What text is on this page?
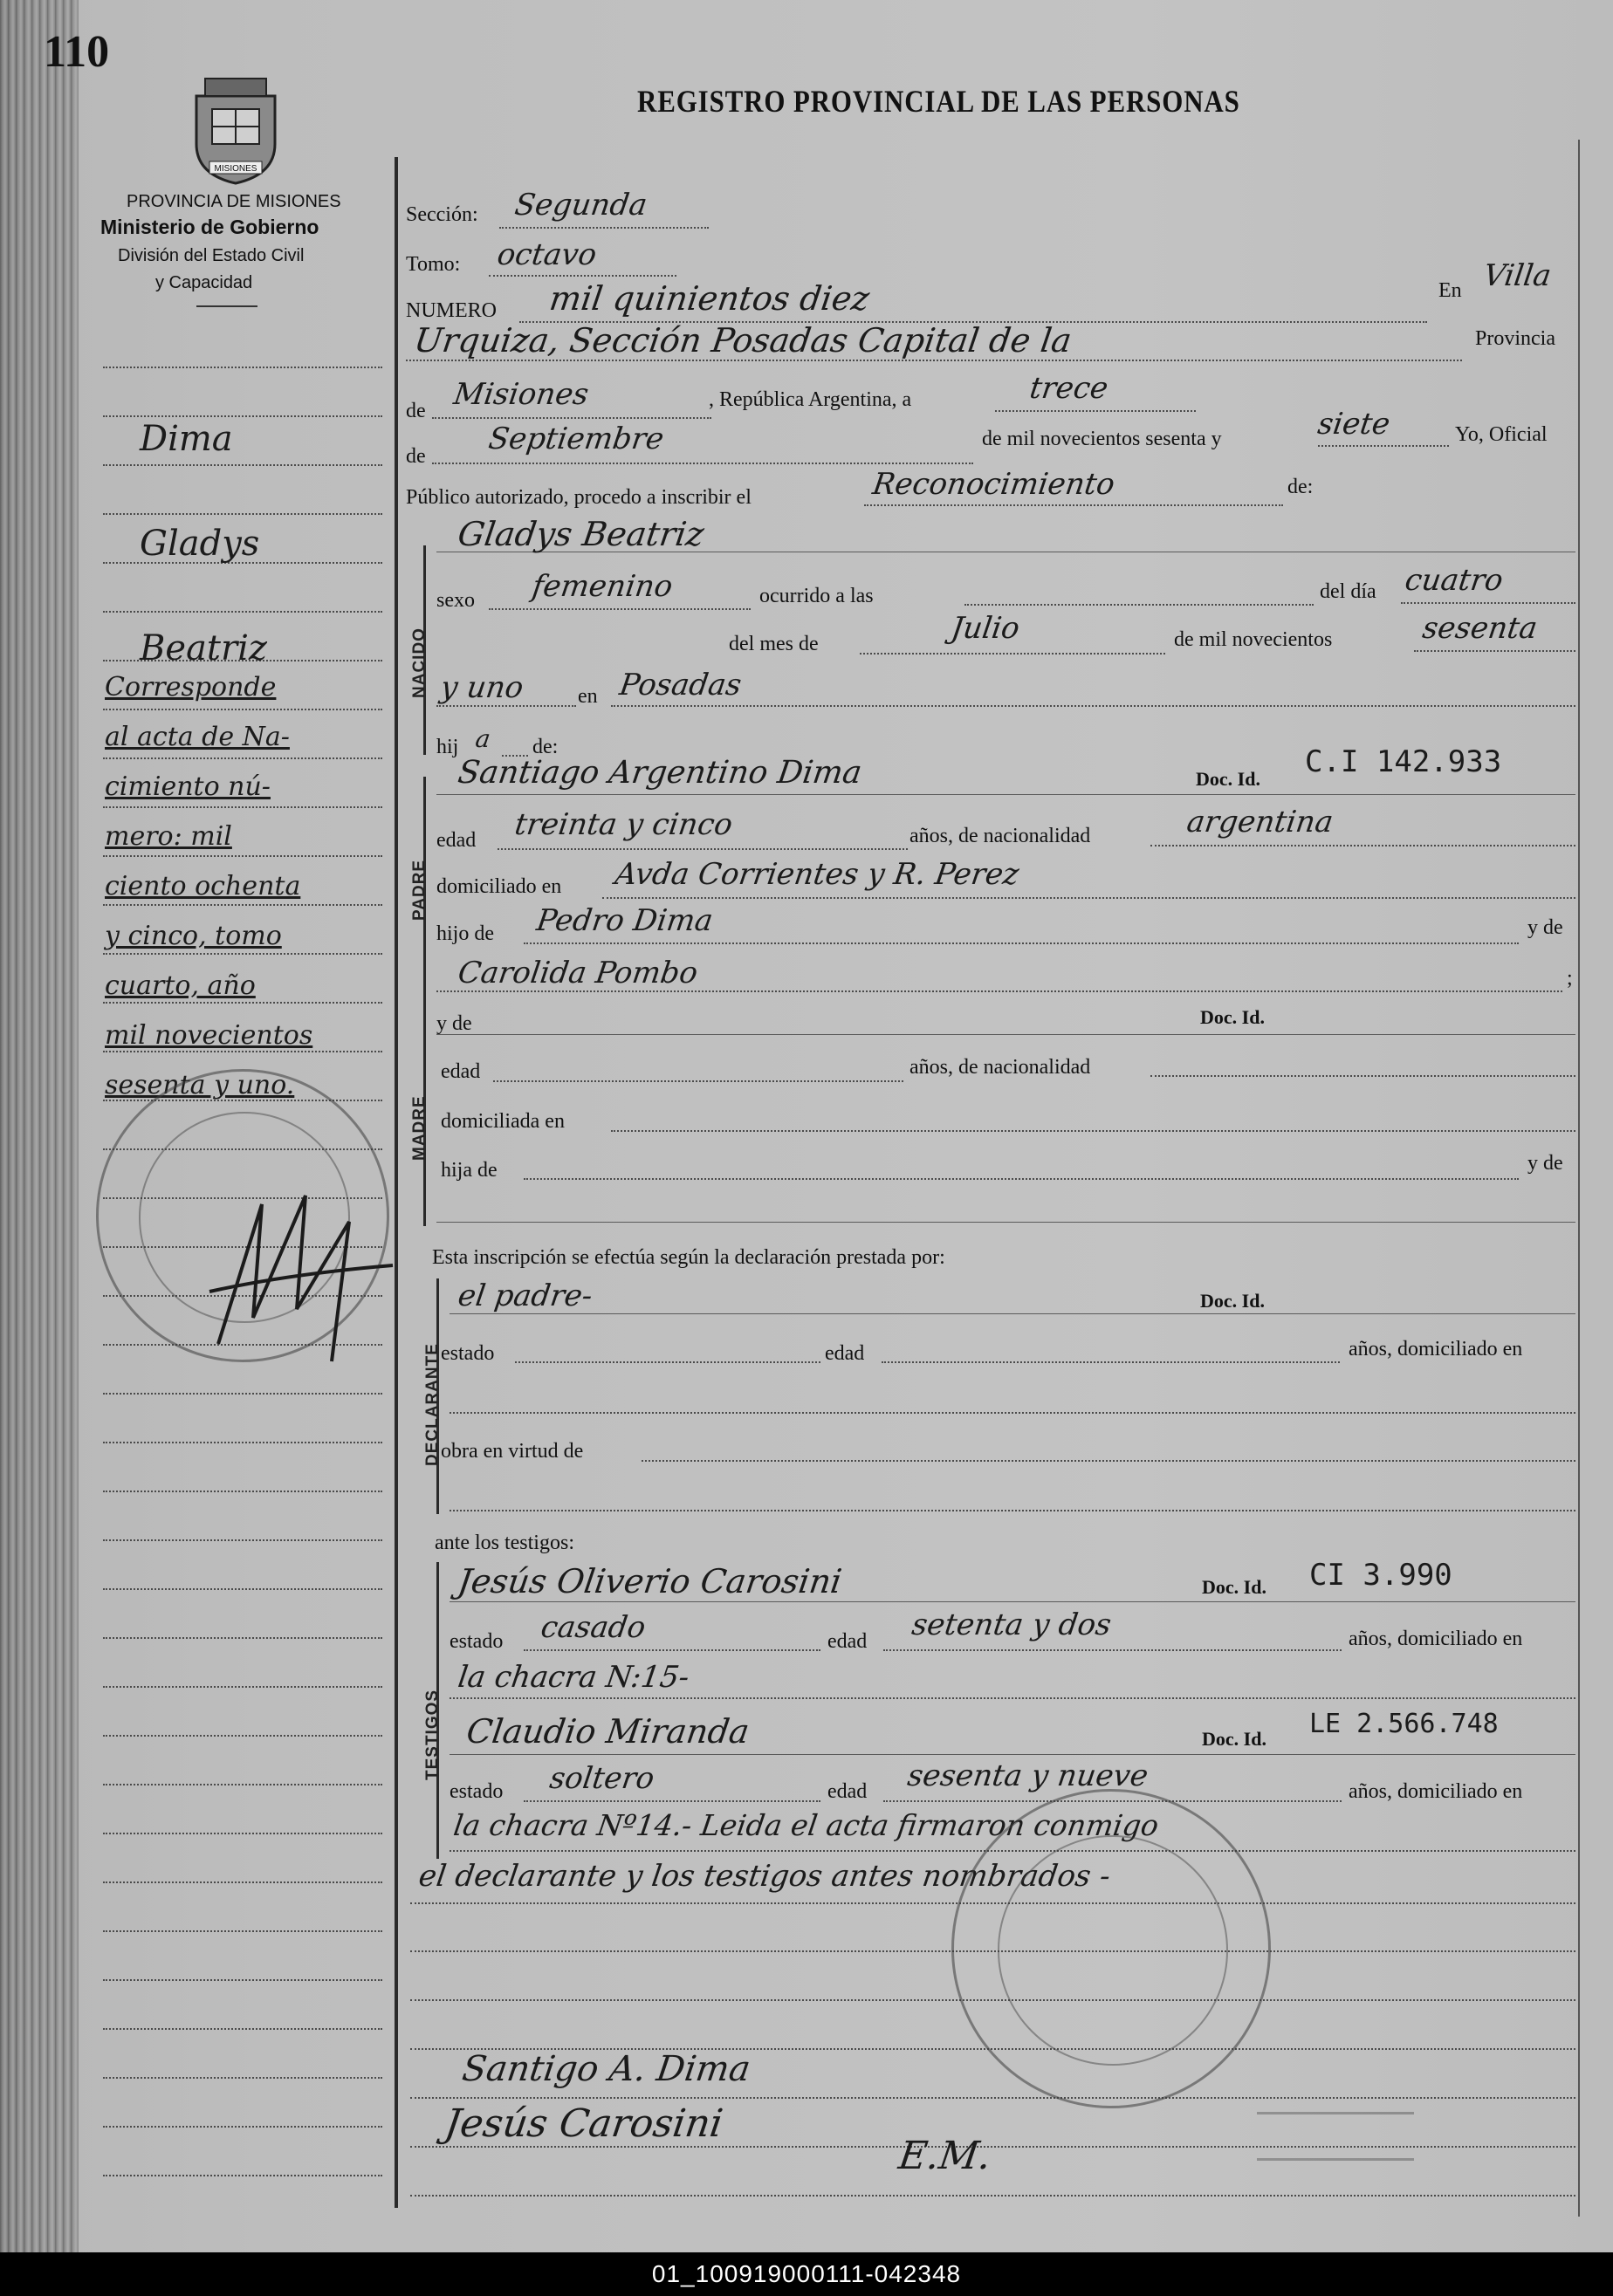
110
MISIONES
PROVINCIA DE MISIONES
Ministerio de Gobierno
División del Estado Civil
y Capacidad
REGISTRO PROVINCIAL DE LAS PERSONAS
Dima
Gladys
Beatriz
Corresponde
al acta de Na-
cimiento nú-
mero: mil
ciento ochenta
y cinco, tomo
cuarto, año
mil novecientos
sesenta y uno.
Sección: Segunda
Tomo: octavo
NUMERO mil quinientos diez	En Villa
Urquiza, Sección Posadas Capital de la	Provincia
de Misiones	, República Argentina, a	trece
de Septiembre	de mil novecientos sesenta y	siete	Yo, Oficial
Público autorizado, procedo a inscribir el	Reconocimiento	de:
NACIDO
Gladys Beatriz
sexo femenino	ocurrido a las	del día cuatro
del mes de	Julio	de mil novecientos	sesenta
y uno en Posadas
hij a de:
PADRE
Santiago Argentino Dima	Doc. Id. C.I 142.933
edad treinta y cinco	años, de nacionalidad	argentina
domiciliado en Avda Corrientes y R. Perez
hijo de Pedro Dima	y de
Carolida Pombo	;
MADRE
y de	Doc. Id.
edad	años, de nacionalidad
domiciliada en
hija de	y de
Esta inscripción se efectúa según la declaración prestada por:
DECLARANTE
el padre-	Doc. Id.
estado	edad	años, domiciliado en
obra en virtud de
ante los testigos:
TESTIGOS
Jesús Oliverio Carosini	Doc. Id. CI 3.990
estado casado	edad setenta y dos	años, domiciliado en
la chacra N:15-
Claudio Miranda	Doc. Id. LE 2.566.748
estado soltero	edad sesenta y nueve	años, domiciliado en
la chacra Nº14.- Leida el acta firmaron conmigo
el declarante y los testigos antes nombrados -
Santigo A. Dima
Jesús Carosini
E.M.
01_100919000111-042348
